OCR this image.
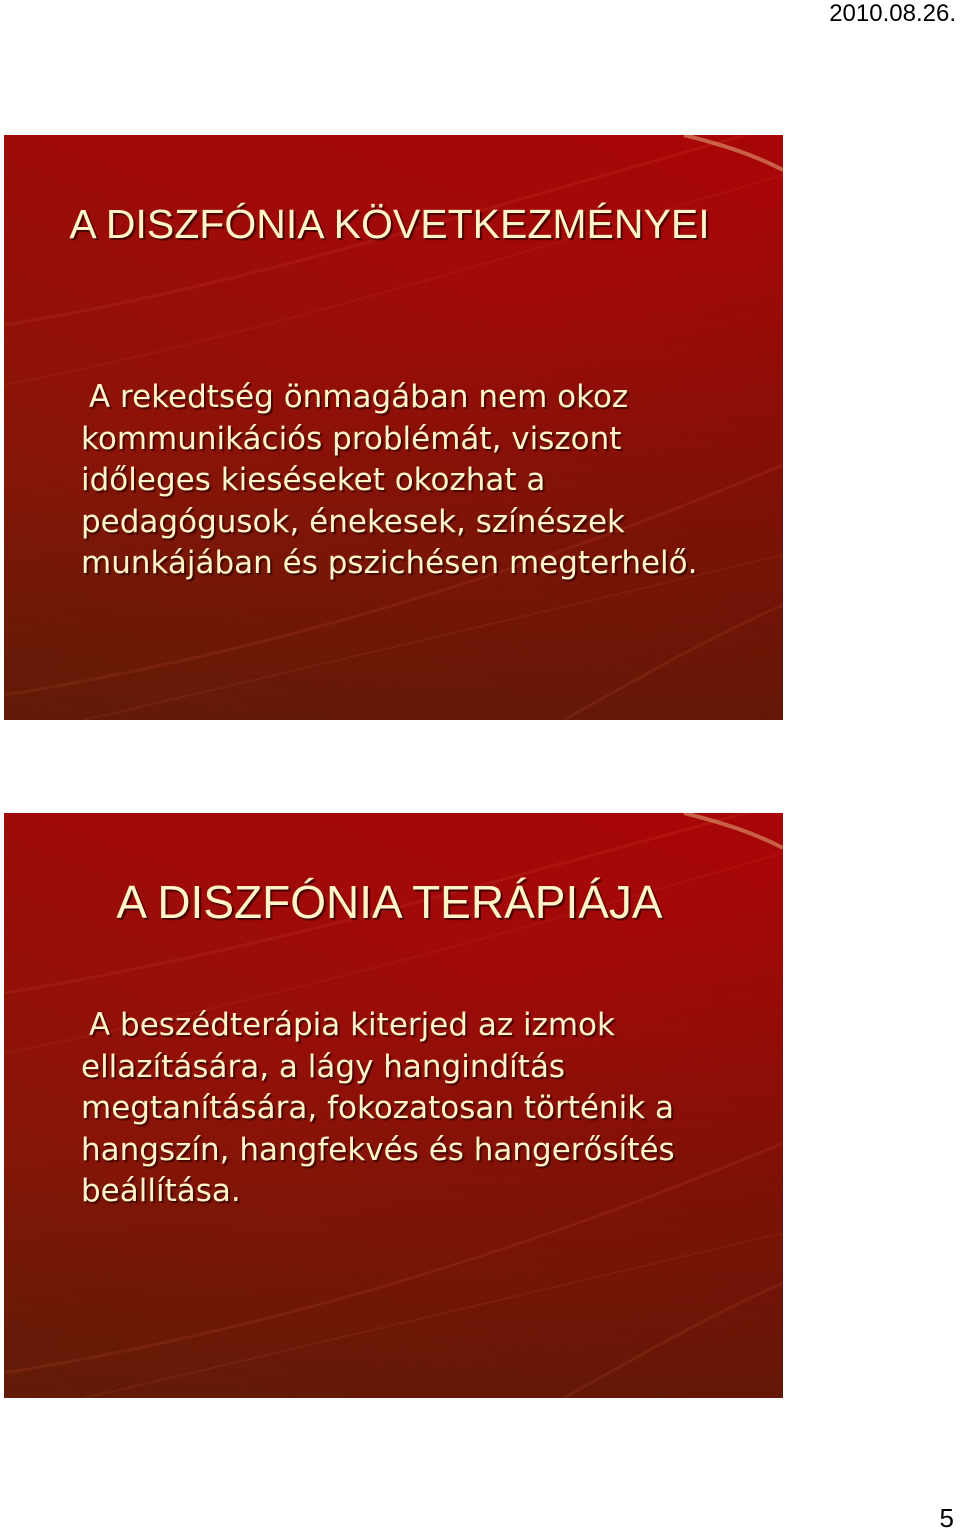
2010.08.26.
A DISZFÓNIA KÖVETKEZMÉNYEI
A rekedtség önmagában nem okoz kommunikációs problémát, viszont időleges kieséseket okozhat a pedagógusok, énekesek, színészek munkájában és pszichésen megterhelő.
A DISZFÓNIA TERÁPIÁJA
A beszédterápia kiterjed az izmok ellazítására, a lágy hangindítás megtanítására, fokozatosan történik a hangszín, hangfekvés és hangerősítés beállítása.
5
